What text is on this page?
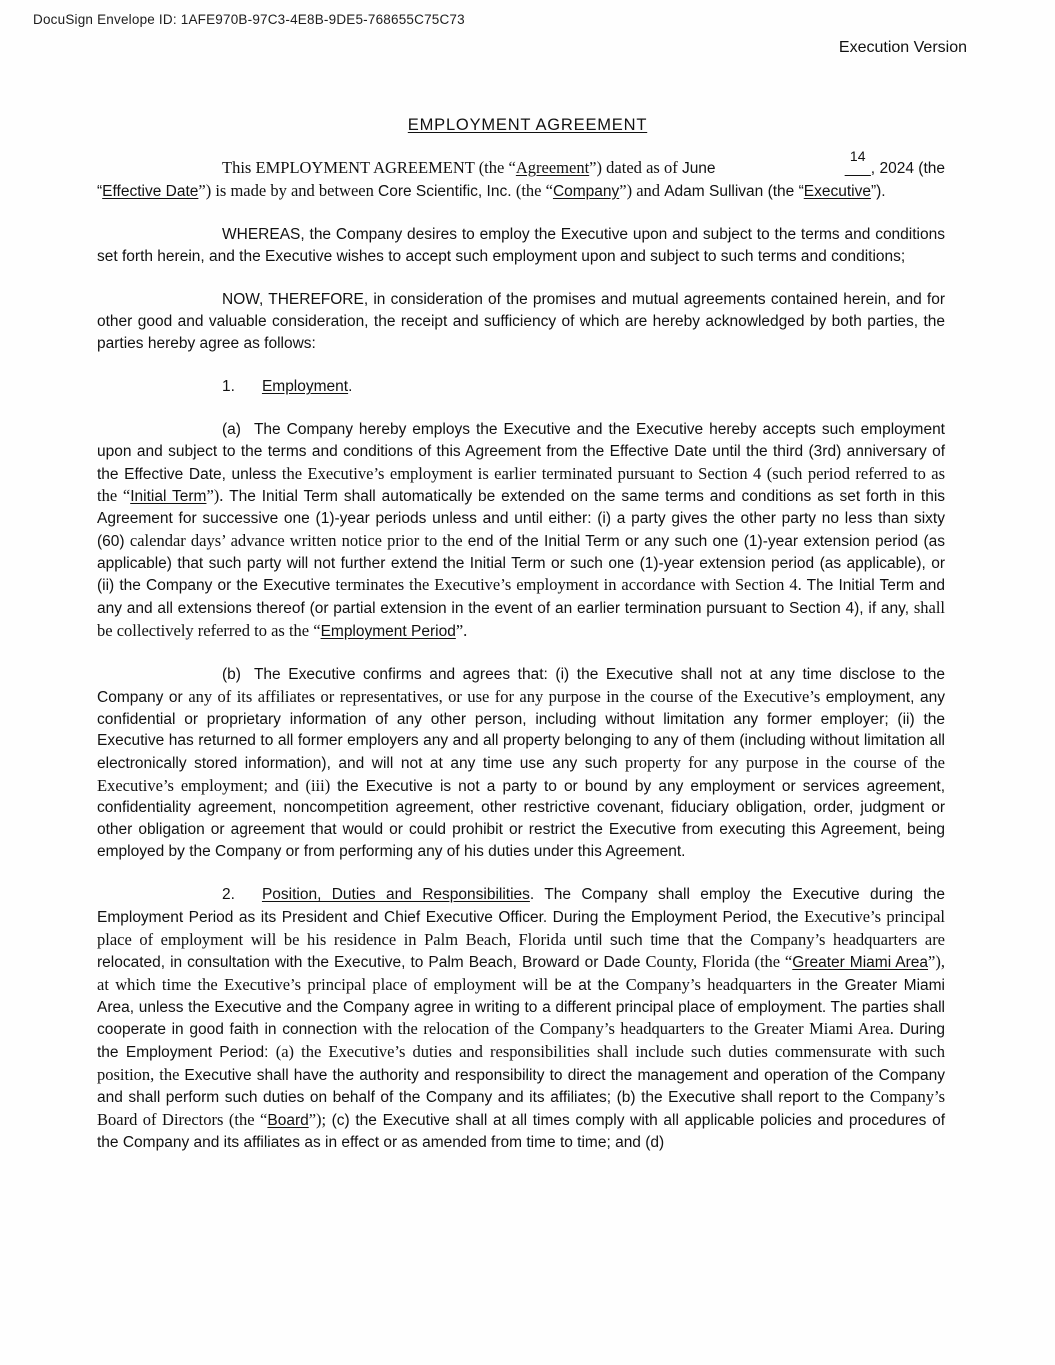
DocuSign Envelope ID: 1AFE970B-97C3-4E8B-9DE5-768655C75C73
Execution Version
EMPLOYMENT AGREEMENT

This EMPLOYMENT AGREEMENT (the “Agreement”) dated as of June
14
___, 2024 (the “Effective Date”) is made by and between Core Scientific, Inc. (the “Company”) and Adam Sullivan (the “Executive”).

WHEREAS, the Company desires to employ the Executive upon and subject to the terms and conditions set forth herein, and the Executive wishes to accept such employment upon and subject to such terms and conditions;

NOW, THEREFORE, in consideration of the promises and mutual agreements contained herein, and for other good and valuable consideration, the receipt and sufficiency of which are hereby acknowledged by both parties, the parties hereby agree as follows:

1. Employment.

(a) The Company hereby employs the Executive and the Executive hereby accepts such employment upon and subject to the terms and conditions of this Agreement from the Effective Date until the third (3rd) anniversary of the Effective Date, unless the Executive’s employment is earlier terminated pursuant to Section 4 (such period referred to as the “Initial Term”). The Initial Term shall automatically be extended on the same terms and conditions as set forth in this Agreement for successive one (1)-year periods unless and until either: (i) a party gives the other party no less than sixty (60) calendar days’ advance written notice prior to the end of the Initial Term or any such one (1)-year extension period (as applicable) that such party will not further extend the Initial Term or such one (1)-year extension period (as applicable), or (ii) the Company or the Executive terminates the Executive’s employment in accordance with Section 4. The Initial Term and any and all extensions thereof (or partial extension in the event of an earlier termination pursuant to Section 4), if any, shall be collectively referred to as the “Employment Period”.

(b) The Executive confirms and agrees that: (i) the Executive shall not at any time disclose to the Company or any of its affiliates or representatives, or use for any purpose in the course of the Executive’s employment, any confidential or proprietary information of any other person, including without limitation any former employer; (ii) the Executive has returned to all former employers any and all property belonging to any of them (including without limitation all electronically stored information), and will not at any time use any such property for any purpose in the course of the Executive’s employment; and (iii) the Executive is not a party to or bound by any employment or services agreement, confidentiality agreement, noncompetition agreement, other restrictive covenant, fiduciary obligation, order, judgment or other obligation or agreement that would or could prohibit or restrict the Executive from executing this Agreement, being employed by the Company or from performing any of his duties under this Agreement.

2. Position, Duties and Responsibilities. The Company shall employ the Executive during the Employment Period as its President and Chief Executive Officer. During the Employment Period, the Executive’s principal place of employment will be his residence in Palm Beach, Florida until such time that the Company’s headquarters are relocated, in consultation with the Executive, to Palm Beach, Broward or Dade County, Florida (the “Greater Miami Area”), at which time the Executive’s principal place of employment will be at the Company’s headquarters in the Greater Miami Area, unless the Executive and the Company agree in writing to a different principal place of employment. The parties shall cooperate in good faith in connection with the relocation of the Company’s headquarters to the Greater Miami Area. During the Employment Period: (a) the Executive’s duties and responsibilities shall include such duties commensurate with such position, the Executive shall have the authority and responsibility to direct the management and operation of the Company and shall perform such duties on behalf of the Company and its affiliates; (b) the Executive shall report to the Company’s Board of Directors (the “Board”); (c) the Executive shall at all times comply with all applicable policies and procedures of the Company and its affiliates as in effect or as amended from time to time; and (d)
